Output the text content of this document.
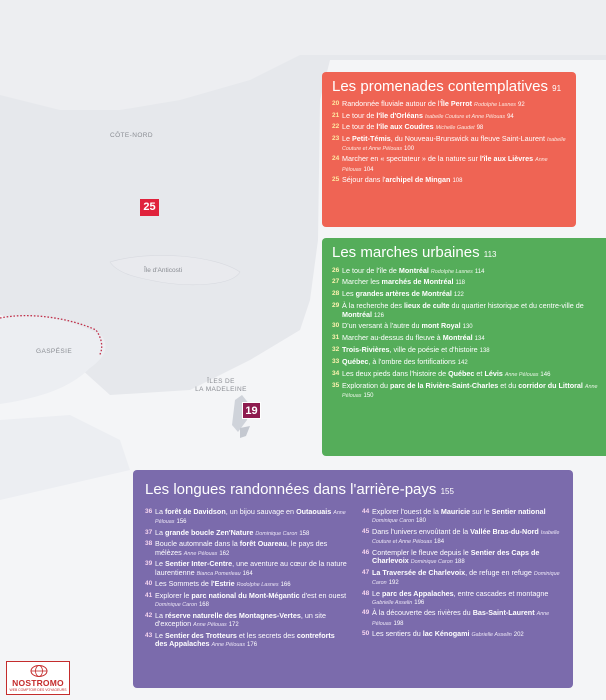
CÔTE-NORD
Île d'Anticosti
GASPÉSIE
ÎLES DE
LA MADELEINE
25
19
Les promenades contemplatives 91
20 Randonnée fluviale autour de l'Île Perrot Rodolphe Lasnes 92
21 Le tour de l'île d'Orléans Isabelle Couture et Anne Pélouas 94
22 Le tour de l'île aux Coudres Michelle Gaudet 98
23 Le Petit-Témis, du Nouveau-Brunswick au fleuve Saint-Laurent Isabelle Couture et Anne Pélouas 100
24 Marcher en « spectateur » de la nature sur l'île aux Lièvres Anne Pélouas 104
25 Séjour dans l'archipel de Mingan 108
Les marches urbaines 113
26 Le tour de l'île de Montréal Rodolphe Lasnes 114
27 Marcher les marchés de Montréal 118
28 Les grandes artères de Montréal 122
29 À la recherche des lieux de culte du quartier historique et du centre-ville de Montréal 126
30 D'un versant à l'autre du mont Royal 130
31 Marcher au-dessus du fleuve à Montréal 134
32 Trois-Rivières, ville de poésie et d'histoire 138
33 Québec, à l'ombre des fortifications 142
34 Les deux pieds dans l'histoire de Québec et Lévis Anne Pélouas 146
35 Exploration du parc de la Rivière-Saint-Charles et du corridor du Littoral Anne Pélouas 150
Les longues randonnées dans l'arrière-pays 155
36 La forêt de Davidson, un bijou sauvage en Outaouais Anne Pélouas 156
37 La grande boucle Zen'Nature Dominique Caron 158
38 Boucle automnale dans la forêt Ouareau, le pays des mélèzes Anne Pélouas 162
39 Le Sentier Inter-Centre, une aventure au cœur de la nature laurentienne Bianca Pomerleau 164
40 Les Sommets de l'Estrie Rodolphe Lasnes 166
41 Explorer le parc national du Mont-Mégantic d'est en ouest Dominique Caron 168
42 La réserve naturelle des Montagnes-Vertes, un site d'exception Anne Pélouas 172
43 Le Sentier des Trotteurs et les secrets des contreforts des Appalaches Anne Pélouas 176
44 Explorer l'ouest de la Mauricie sur le Sentier national Dominique Caron 180
45 Dans l'univers envoûtant de la Vallée Bras-du-Nord Isabelle Couture et Anne Pélouas 184
46 Contempler le fleuve depuis le Sentier des Caps de Charlevoix Dominique Caron 188
47 La Traversée de Charlevoix, de refuge en refuge Dominique Caron 192
48 Le parc des Appalaches, entre cascades et montagne Gabrielle Asselin 196
49 À la découverte des rivières du Bas-Saint-Laurent Anne Pélouas 198
50 Les sentiers du lac Kénogami Gabrielle Asselin 202
NOSTROMO
WEB COMPTOIR DES VOYAGEURS
